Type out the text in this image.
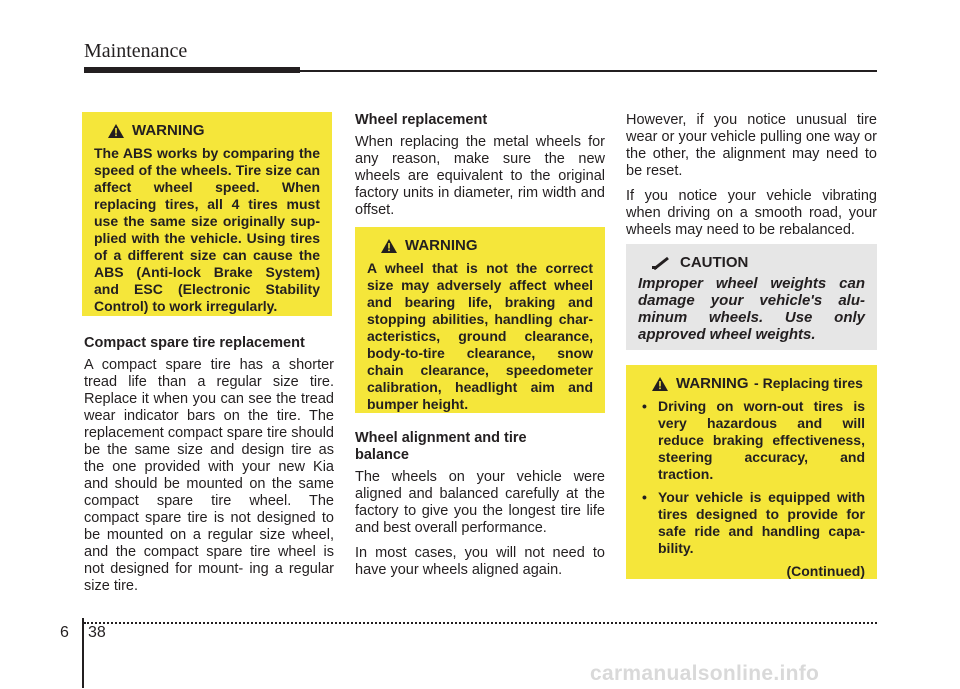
Maintenance
WARNING
The ABS works by comparing the speed of the wheels. Tire size can affect wheel speed. When replacing tires, all 4 tires must use the same size originally sup- plied with the vehicle. Using tires of a different size can cause the ABS (Anti-lock Brake System) and ESC (Electronic Stability Control) to work irregularly.
Compact spare tire replacement
A compact spare tire has a shorter tread life than a regular size tire. Replace it when you can see the tread wear indicator bars on the tire. The replacement compact spare tire should be the same size and design tire as the one provided with your new Kia and should be mounted on the same compact spare tire wheel. The compact spare tire is not designed to be mounted on a regular size wheel, and the compact spare tire wheel is not designed for mount- ing a regular size tire.
Wheel replacement
When replacing the metal wheels for any reason, make sure the new wheels are equivalent to the original factory units in diameter, rim width and offset.
WARNING
A wheel that is not the correct size may adversely affect wheel and bearing life, braking and stopping abilities, handling char- acteristics, ground clearance, body-to-tire clearance, snow chain clearance, speedometer calibration, headlight aim and bumper height.
Wheel alignment and tire balance
The wheels on your vehicle were aligned and balanced carefully at the factory to give you the longest tire life and best overall performance.
In most cases, you will not need to have your wheels aligned again.
However, if you notice unusual tire wear or your vehicle pulling one way or the other, the alignment may need to be reset.
If you notice your vehicle vibrating when driving on a smooth road, your wheels may need to be rebalanced.
CAUTION
Improper wheel weights can damage your vehicle's alu- minum wheels. Use only approved wheel weights.
WARNING - Replacing tires
• Driving on worn-out tires is very hazardous and will reduce braking effectiveness, steering accuracy, and traction.
• Your vehicle is equipped with tires designed to provide for safe ride and handling capa- bility.
(Continued)
6 38
carmanualsonline.info
